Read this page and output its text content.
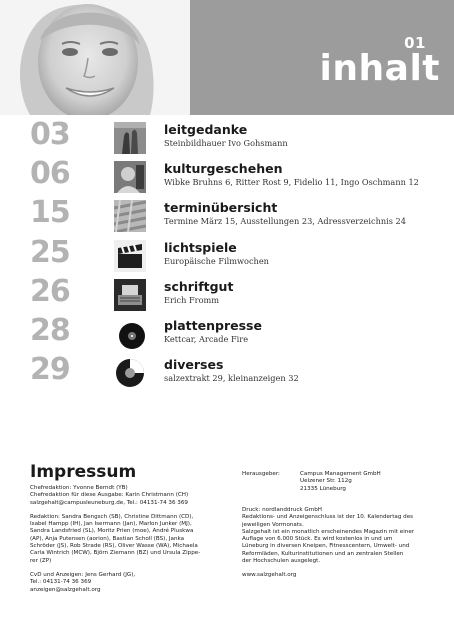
01
inhalt
03	leitgedanke
Steinbildhauer Ivo Gohsmann
06	kulturgeschehen
Wibke Bruhns 6, Ritter Rost 9, Fidelio 11, Ingo Oschmann 12
15	terminübersicht
Termine März 15, Ausstellungen 23, Adressverzeichnis 24
25	lichtspiele
Europäische Filmwochen
26	schriftgut
Erich Fromm
28	plattenpresse
Kettcar, Arcade Fire
29	diverses
salzextrakt 29, kleinanzeigen 32
Impressum
Chefredaktion: Yvonne Berndt (YB)
Chefredaktion für diese Ausgabe: Karin Christmann (CH)
salzgehalt@campusleuneburg.de, Tel.: 04131-74 36 369
Redaktion: Sandra Bengsch (SB), Christine Dittmann (CD),
Isabel Hampp (IH), Jan Isermann (Jan), Marlon Junker (MJ),
Sandra Landsfried (SL), Moritz Prien (moe), André Pluskwa
(AP), Anja Putensen (aorion), Bastian Scholl (BS), Janka
Schröder (JS), Rob Strade (RS), Oliver Wasse (WA), Michaela
Carla Wintrich (MCW), Björn Ziemann (BZ) und Ursula Zippe-
rer (ZP)
CvD und Anzeigen: Jens Gerhard (JG),
Tel.: 04131-74 36 369
anzeigen@salzgehalt.org
Herausgeber:	Campus Management GmbH
Uelzener Str. 112g
21335 Lüneburg
Druck: nordlanddruck GmbH
Redaktions- und Anzeigenschluss ist der 10. Kalendertag des
jeweiligen Vormonats.
Salzgehalt ist ein monatlich erscheinendes Magazin mit einer
Auflage von 6.000 Stück. Es wird kostenlos in und um
Lüneburg in diversen Kneipen, Fitnesscentern, Umwelt- und
Reformläden, Kulturinstitutionen und an zentralen Stellen
der Hochschulen ausgelegt.
www.salzgehalt.org
